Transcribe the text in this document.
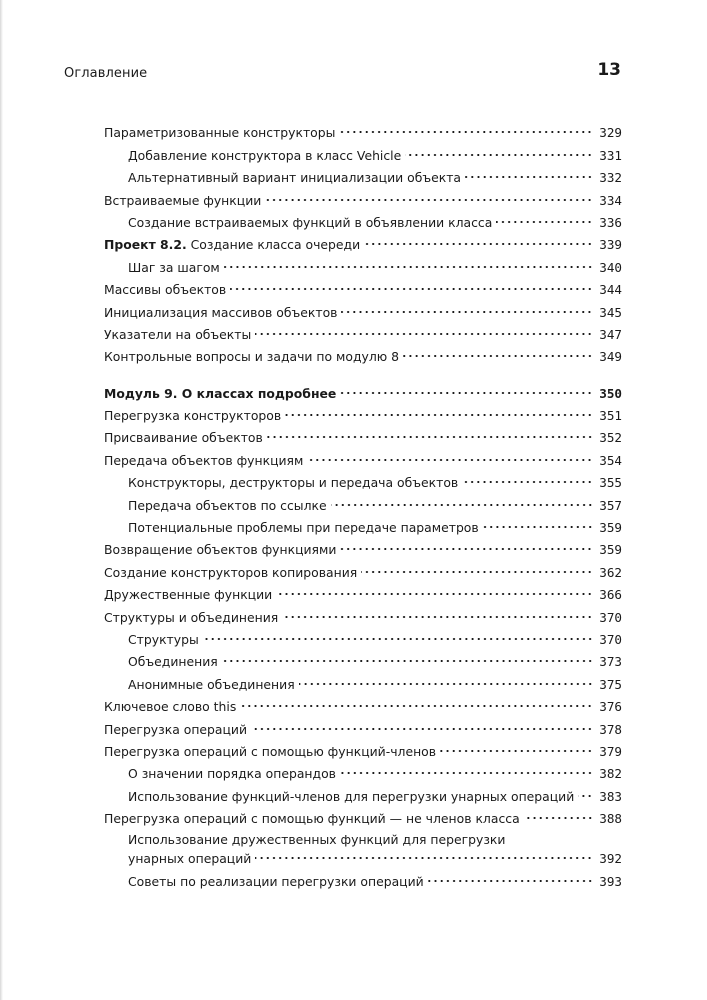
Оглавление	13
Параметризованные конструкторы	329
Добавление конструктора в класс Vehicle	331
Альтернативный вариант инициализации объекта	332
Встраиваемые функции	334
Создание встраиваемых функций в объявлении класса	336
Проект 8.2. Создание класса очереди	339
Шаг за шагом	340
Массивы объектов	344
Инициализация массивов объектов	345
Указатели на объекты	347
Контрольные вопросы и задачи по модулю 8	349
Модуль 9. О классах подробнее	350
Перегрузка конструкторов	351
Присваивание объектов	352
Передача объектов функциям	354
Конструкторы, деструкторы и передача объектов	355
Передача объектов по ссылке	357
Потенциальные проблемы при передаче параметров	359
Возвращение объектов функциями	359
Создание конструкторов копирования	362
Дружественные функции	366
Структуры и объединения	370
Структуры	370
Объединения	373
Анонимные объединения	375
Ключевое слово this	376
Перегрузка операций	378
Перегрузка операций с помощью функций-членов	379
О значении порядка операндов	382
Использование функций-членов для перегрузки унарных операций 383
Перегрузка операций с помощью функций — не членов класса	388
Использование дружественных функций для перегрузки
унарных операций	392
Советы по реализации перегрузки операций	393
